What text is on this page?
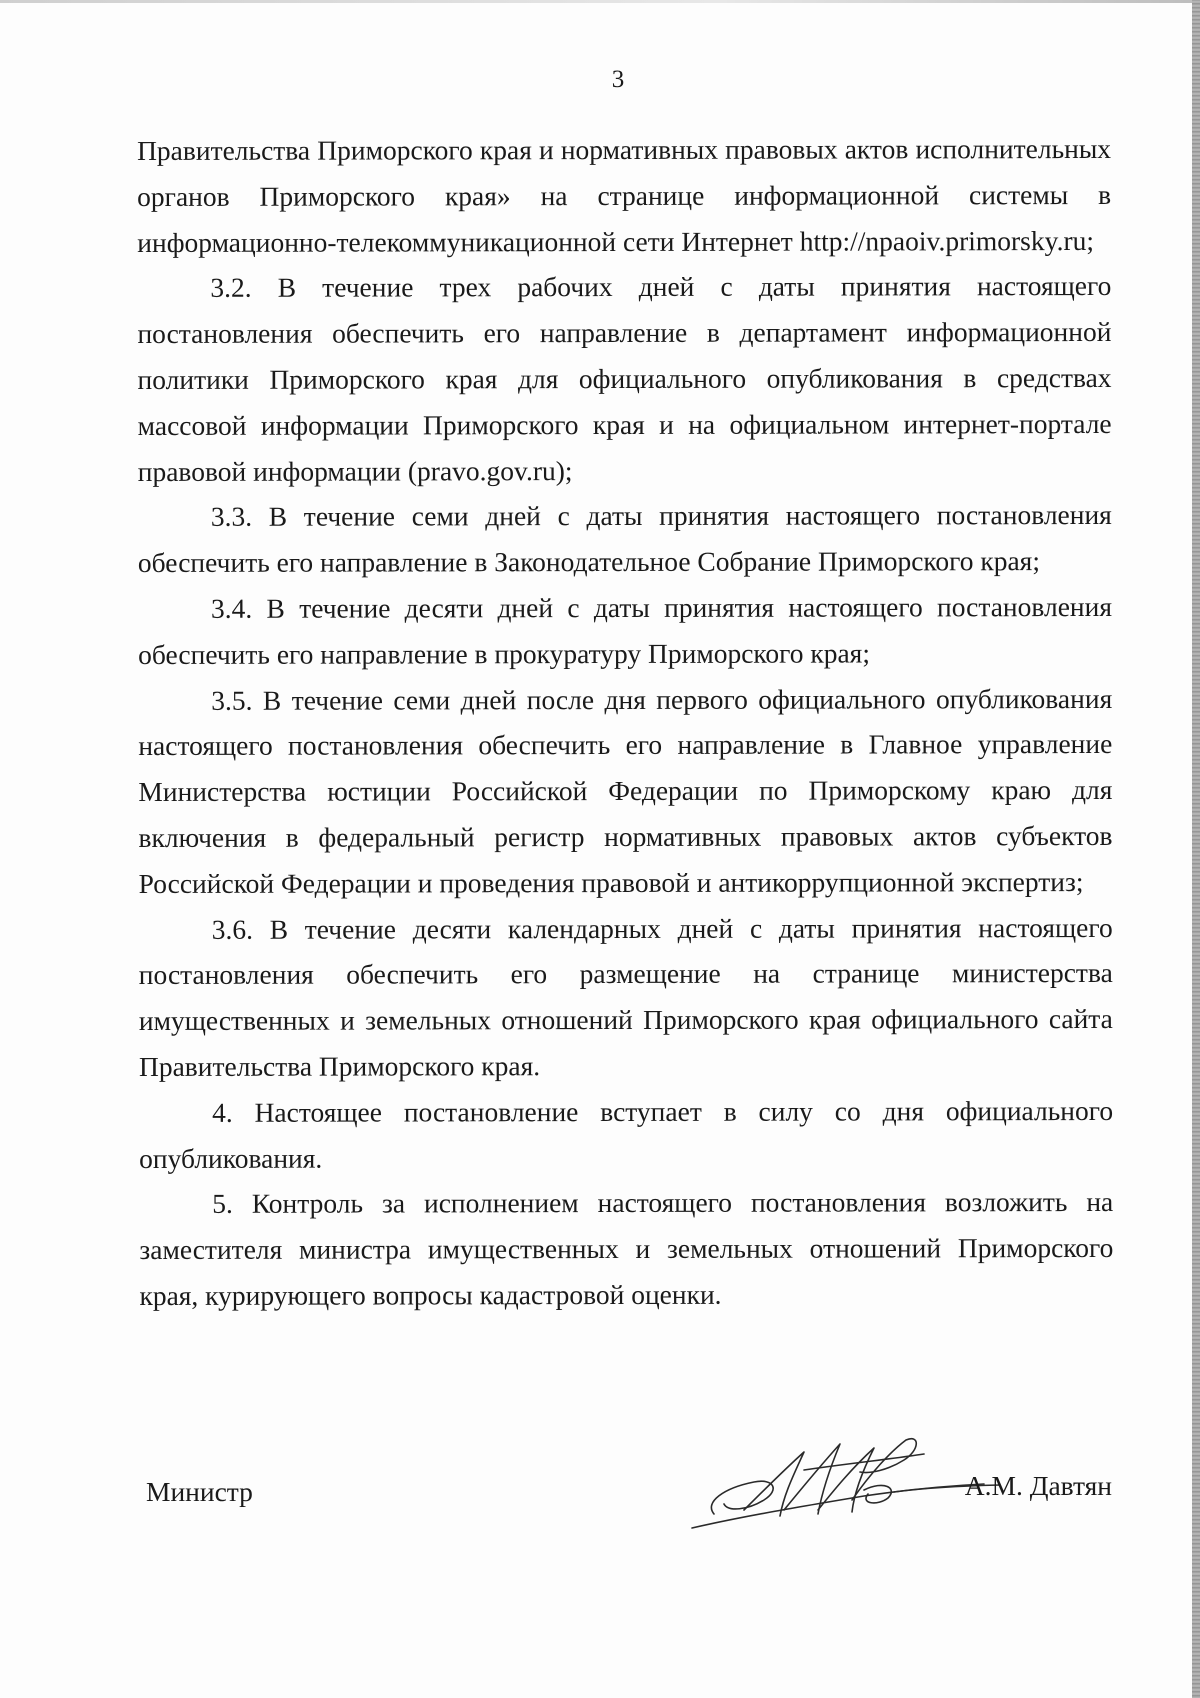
3

Правительства Приморского края и нормативных правовых актов исполнительных органов Приморского края» на странице информационной системы в информационно-телекоммуникационной сети Интернет http://npaoiv.primorsky.ru;

3.2. В течение трех рабочих дней с даты принятия настоящего постановления обеспечить его направление в департамент информационной политики Приморского края для официального опубликования в средствах массовой информации Приморского края и на официальном интернет-портале правовой информации (pravo.gov.ru);

3.3. В течение семи дней с даты принятия настоящего постановления обеспечить его направление в Законодательное Собрание Приморского края;

3.4. В течение десяти дней с даты принятия настоящего постановления обеспечить его направление в прокуратуру Приморского края;

3.5. В течение семи дней после дня первого официального опубликования настоящего постановления обеспечить его направление в Главное управление Министерства юстиции Российской Федерации по Приморскому краю для включения в федеральный регистр нормативных правовых актов субъектов Российской Федерации и проведения правовой и антикоррупционной экспертиз;

3.6. В течение десяти календарных дней с даты принятия настоящего постановления обеспечить его размещение на странице министерства имущественных и земельных отношений Приморского края официального сайта Правительства Приморского края.

4. Настоящее постановление вступает в силу со дня официального опубликования.

5. Контроль за исполнением настоящего постановления возложить на заместителя министра имущественных и земельных отношений Приморского края, курирующего вопросы кадастровой оценки.

Министр	А.М. Давтян
